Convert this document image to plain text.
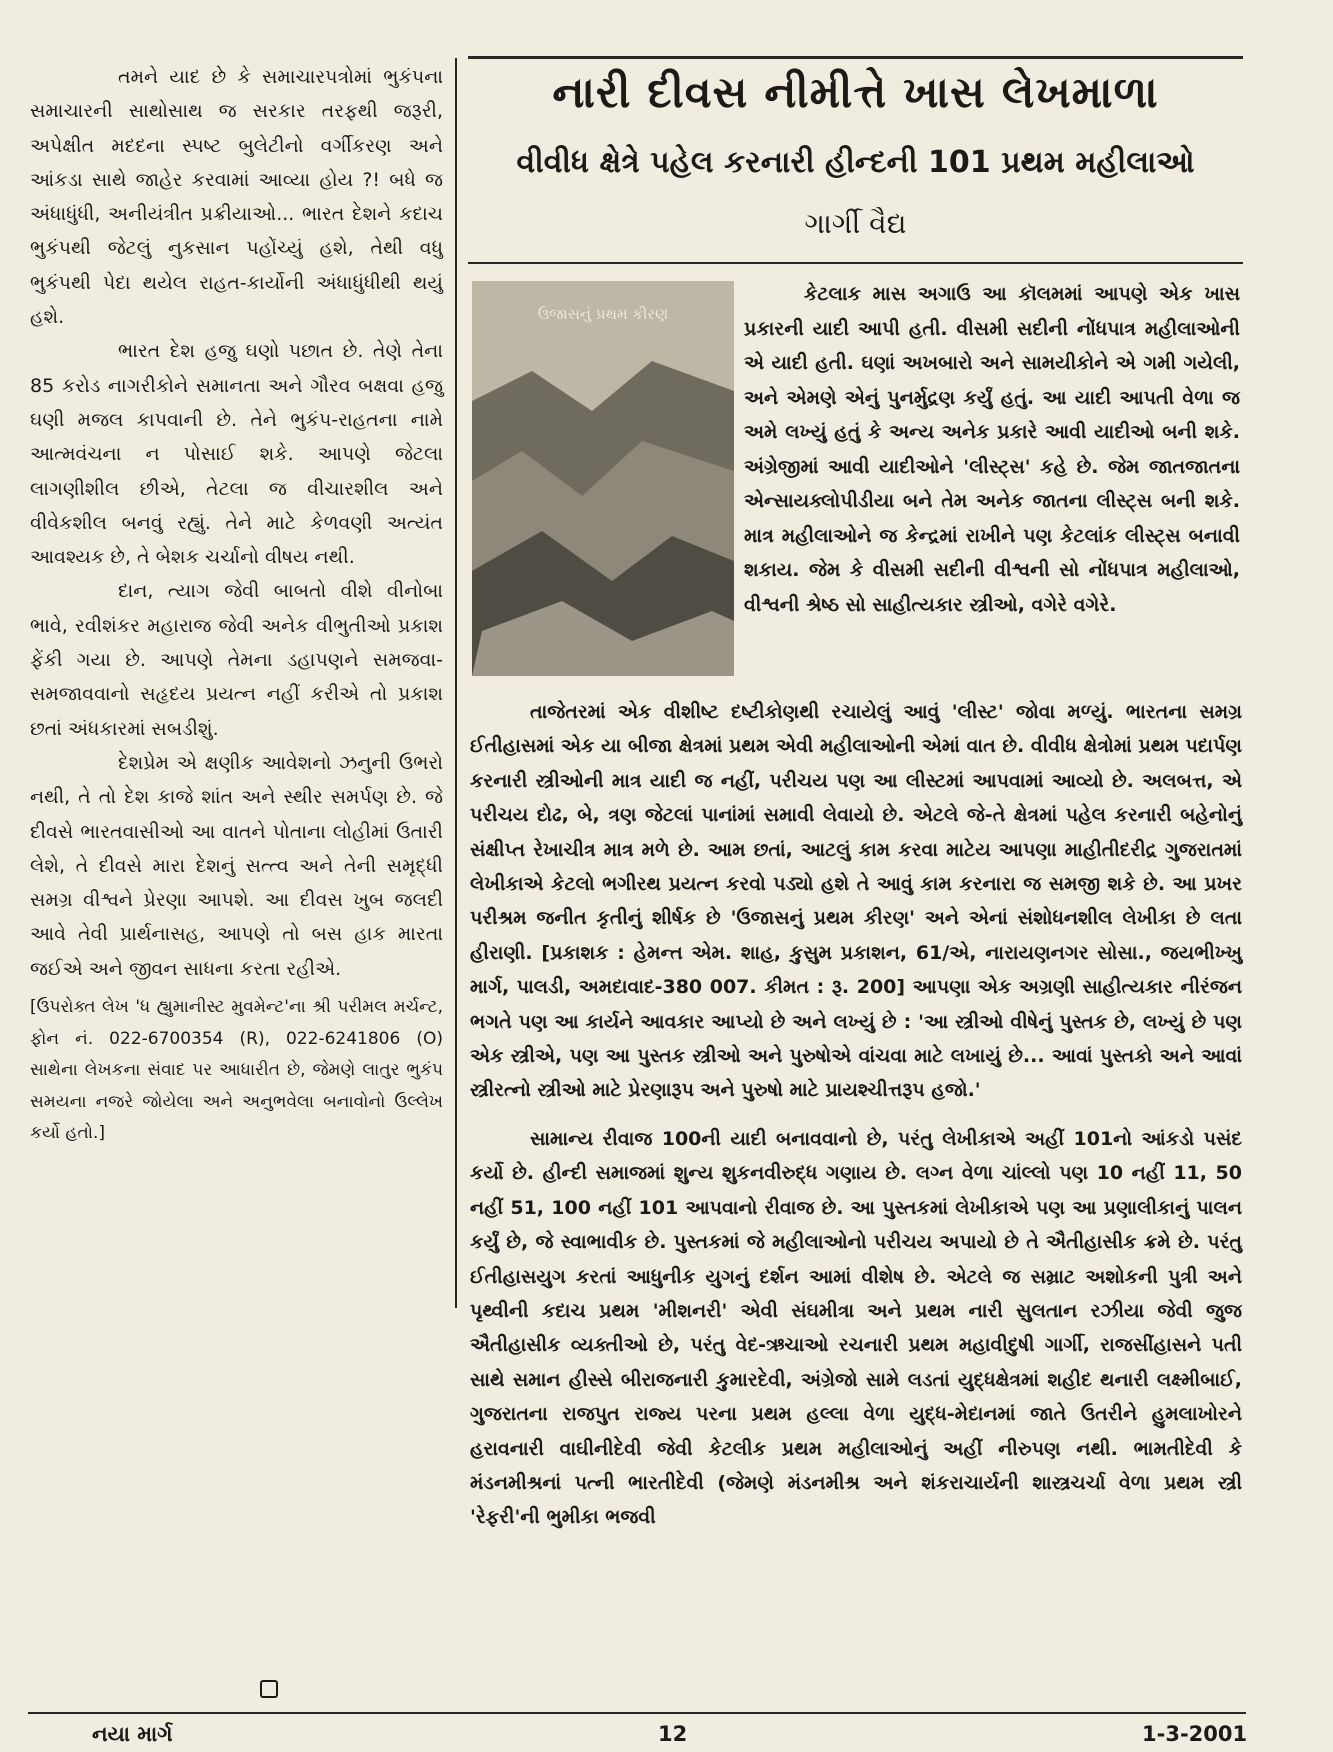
તમને યાદ છે કે સમાચારપત્રોમાં ભુકંપના સમાચારની સાથોસાથ જ સરકાર તરફથી જરૂરી, અપેક્ષીત મદદના સ્પષ્ટ બુલેટીનો વર્ગીકરણ અને આંકડા સાથે જાહેર કરવામાં આવ્યા હોય ?! બધે જ અંધાધુંધી, અનીયંત્રીત પ્રક્રીયાઓ... ભારત દેશને કદાચ ભુકંપથી જેટલું નુકસાન પહોંચ્યું હશે, તેથી વધુ ભુકંપથી પેદા થયેલ રાહત-કાર્યોની અંધાધુંધીથી થયું હશે.

ભારત દેશ હજુ ઘણો પછાત છે. તેણે તેના 85 કરોડ નાગરીકોને સમાનતા અને ગૌરવ બક્ષવા હજુ ઘણી મજલ કાપવાની છે. તેને ભુકંપ-રાહતના નામે આત્મવંચના ન પોસાઈ શકે. આપણે જેટલા લાગણીશીલ છીએ, તેટલા જ વીચારશીલ અને વીવેકશીલ બનવું રહ્યું. તેને માટે કેળવણી અત્યંત આવશ્યક છે, તે બેશક ચર્ચાનો વીષય નથી.

દાન, ત્યાગ જેવી બાબતો વીશે વીનોબા ભાવે, રવીશંકર મહારાજ જેવી અનેક વીભુતીઓ પ્રકાશ ફેંકી ગયા છે. આપણે તેમના ડહાપણને સમજવા-સમજાવવાનો સહૃદય પ્રયત્ન નહીં કરીએ તો પ્રકાશ છતાં અંધકારમાં સબડીશું.

દેશપ્રેમ એ ક્ષણીક આવેશનો ઝનુની ઉભરો નથી, તે તો દેશ કાજે શાંત અને સ્થીર સમર્પણ છે. જે દીવસે ભારતવાસીઓ આ વાતને પોતાના લોહીમાં ઉતારી લેશે, તે દીવસે મારા દેશનું સત્ત્વ અને તેની સમૃદ્ધી સમગ્ર વીશ્વને પ્રેરણા આપશે. આ દીવસ ખુબ જલદી આવે તેવી પ્રાર્થનાસહ, આપણે તો બસ હાક મારતા જઈએ અને જીવન સાધના કરતા રહીએ.

[ઉપરોક્ત લેખ 'ધ હ્યુમાનીસ્ટ મુવમેન્ટ'ના શ્રી પરીમલ મર્ચન્ટ, ફોન નં. 022-6700354 (R), 022-6241806 (O) સાથેના લેખકના સંવાદ પર આધારીત છે, જેમણે લાતુર ભુકંપ સમયના નજરે જોયેલા અને અનુભવેલા બનાવોનો ઉલ્લેખ કર્યો હતો.]

નારી દીવસ નીમીત્તે ખાસ લેખમાળા
વીવીધ ક્ષેત્રે પહેલ કરનારી હીન્દની 101 પ્રથમ મહીલાઓ
ગાર્ગી વૈદ્ય
ઉજાસનું પ્રથમ કીરણ

કેટલાક માસ અગાઉ આ કૉલમમાં આપણે એક ખાસ પ્રકારની યાદી આપી હતી. વીસમી સદીની નોંધપાત્ર મહીલાઓની એ યાદી હતી. ઘણાં અખબારો અને સામયીકોને એ ગમી ગયેલી, અને એમણે એનું પુનર્મુદ્રણ કર્યું હતું. આ યાદી આપતી વેળા જ અમે લખ્યું હતું કે અન્ય અનેક પ્રકારે આવી યાદીઓ બની શકે. અંગ્રેજીમાં આવી યાદીઓને 'લીસ્ટ્સ' કહે છે. જેમ જાતજાતના એન્સાયક્લોપીડીયા બને તેમ અનેક જાતના લીસ્ટ્સ બની શકે. માત્ર મહીલાઓને જ કેન્દ્રમાં રાખીને પણ કેટલાંક લીસ્ટ્સ બનાવી શકાય. જેમ કે વીસમી સદીની વીશ્વની સો નોંધપાત્ર મહીલાઓ, વીશ્વની શ્રેષ્ઠ સો સાહીત્યકાર સ્ત્રીઓ, વગેરે વગેરે.

તાજેતરમાં એક વીશીષ્ટ દષ્ટીકોણથી રચાયેલું આવું 'લીસ્ટ' જોવા મળ્યું. ભારતના સમગ્ર ઈતીહાસમાં એક યા બીજા ક્ષેત્રમાં પ્રથમ એવી મહીલાઓની એમાં વાત છે. વીવીધ ક્ષેત્રોમાં પ્રથમ પદાર્પણ કરનારી સ્ત્રીઓની માત્ર યાદી જ નહીં, પરીચય પણ આ લીસ્ટમાં આપવામાં આવ્યો છે. અલબત્ત, એ પરીચય દોઢ, બે, ત્રણ જેટલાં પાનાંમાં સમાવી લેવાયો છે. એટલે જે-તે ક્ષેત્રમાં પહેલ કરનારી બહેનોનું સંક્ષીપ્ત રેખાચીત્ર માત્ર મળે છે. આમ છતાં, આટલું કામ કરવા માટેય આપણા માહીતીદરીદ્ર ગુજરાતમાં લેખીકાએ કેટલો ભગીરથ પ્રયત્ન કરવો પડ્યો હશે તે આવું કામ કરનારા જ સમજી શકે છે. આ પ્રખર પરીશ્રમ જનીત કૃતીનું શીર્ષક છે 'ઉજાસનું પ્રથમ કીરણ' અને એનાં સંશોધનશીલ લેખીકા છે લતા હીરાણી. [પ્રકાશક : હેમન્ત એમ. શાહ, કુસુમ પ્રકાશન, 61/એ, નારાયણનગર સોસા., જયભીખ્ખુ માર્ગ, પાલડી, અમદાવાદ-380 007. કીમત : રૂ. 200] આપણા એક અગ્રણી સાહીત્યકાર નીરંજન ભગતે પણ આ કાર્યને આવકાર આપ્યો છે અને લખ્યું છે : 'આ સ્ત્રીઓ વીષેનું પુસ્તક છે, લખ્યું છે પણ એક સ્ત્રીએ, પણ આ પુસ્તક સ્ત્રીઓ અને પુરુષોએ વાંચવા માટે લખાયું છે... આવાં પુસ્તકો અને આવાં સ્ત્રીરત્નો સ્ત્રીઓ માટે પ્રેરણારૂપ અને પુરુષો માટે પ્રાયશ્ચીત્તરૂપ હજો.'

સામાન્ય રીવાજ 100ની યાદી બનાવવાનો છે, પરંતુ લેખીકાએ અહીં 101નો આંકડો પસંદ કર્યો છે. હીન્દી સમાજમાં શુન્ય શુકનવીરુદ્ધ ગણાય છે. લગ્ન વેળા ચાંલ્લો પણ 10 નહીં 11, 50 નહીં 51, 100 નહીં 101 આપવાનો રીવાજ છે. આ પુસ્તકમાં લેખીકાએ પણ આ પ્રણાલીકાનું પાલન કર્યું છે, જે સ્વાભાવીક છે. પુસ્તકમાં જે મહીલાઓનો પરીચય અપાયો છે તે ઐતીહાસીક ક્રમે છે. પરંતુ ઈતીહાસયુગ કરતાં આધુનીક યુગનું દર્શન આમાં વીશેષ છે. એટલે જ સમ્રાટ અશોકની પુત્રી અને પૃથ્વીની કદાચ પ્રથમ 'મીશનરી' એવી સંઘમીત્રા અને પ્રથમ નારી સુલતાન રઝીયા જેવી જુજ ઐતીહાસીક વ્યક્તીઓ છે, પરંતુ વેદ-ઋચાઓ રચનારી પ્રથમ મહાવીદુષી ગાર્ગી, રાજસીંહાસને પતી સાથે સમાન હીસ્સે બીરાજનારી કુમારદેવી, અંગ્રેજો સામે લડતાં યુદ્ધક્ષેત્રમાં શહીદ થનારી લક્ષ્મીબાઈ, ગુજરાતના રાજપુત રાજ્ય પરના પ્રથમ હલ્લા વેળા યુદ્ધ-મેદાનમાં જાતે ઉતરીને હુમલાખોરને હરાવનારી વાઘીનીદેવી જેવી કેટલીક પ્રથમ મહીલાઓનું અહીં નીરુપણ નથી. ભામતીદેવી કે મંડનમીશ્રનાં પત્ની ભારતીદેવી (જેમણે મંડનમીશ્ર અને શંકરાચાર્યની શાસ્ત્રચર્ચા વેળા પ્રથમ સ્ત્રી 'રેફરી'ની ભુમીકા ભજવી

નયા માર્ગ	12	1-3-2001
